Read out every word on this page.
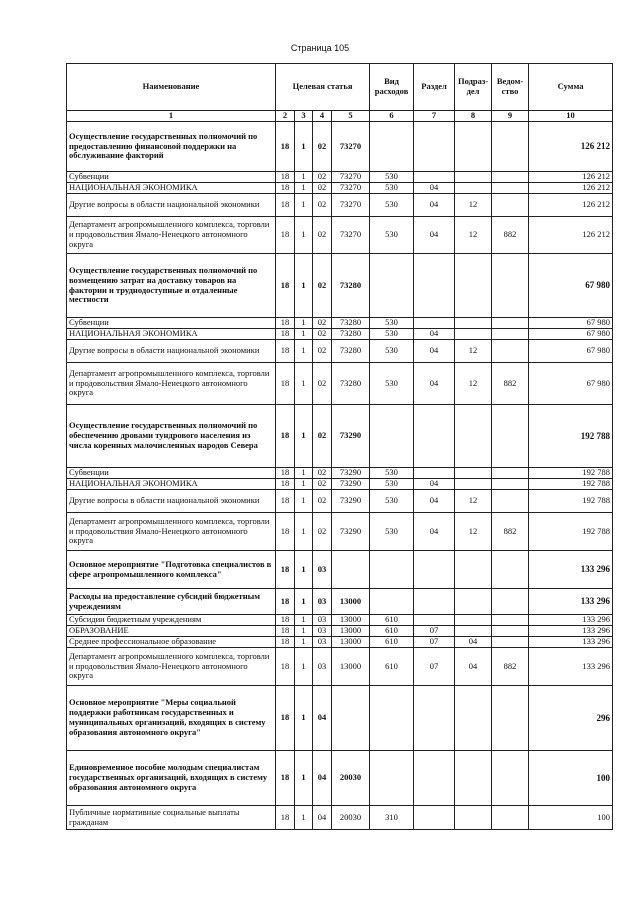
Страница 105
Наименование	Целевая статья				Вид расходов	Раздел	Подраз-дел	Ведом-ство	Сумма
1	2	3	4	5	6	7	8	9	10
Осуществление государственных полномочий по предоставлению финансовой поддержки на обслуживание факторий	18	1	02	73270					126 212
Субвенции	18	1	02	73270	530				126 212
НАЦИОНАЛЬНАЯ ЭКОНОМИКА	18	1	02	73270	530	04			126 212
Другие вопросы в области национальной экономики	18	1	02	73270	530	04	12		126 212
Департамент агропромышленного комплекса, торговли и продовольствия Ямало-Ненецкого автономного округа	18	1	02	73270	530	04	12	882	126 212
Осуществление государственных полномочий по возмещению затрат на доставку товаров на фактории и труднодоступные и отдаленные местности	18	1	02	73280					67 980
Субвенции	18	1	02	73280	530				67 980
НАЦИОНАЛЬНАЯ ЭКОНОМИКА	18	1	02	73280	530	04			67 980
Другие вопросы в области национальной экономики	18	1	02	73280	530	04	12		67 980
Департамент агропромышленного комплекса, торговли и продовольствия Ямало-Ненецкого автономного округа	18	1	02	73280	530	04	12	882	67 980
Осуществление государственных полномочий по обеспечению дровами тундрового населения из числа коренных малочисленных народов Севера	18	1	02	73290					192 788
Субвенции	18	1	02	73290	530				192 788
НАЦИОНАЛЬНАЯ ЭКОНОМИКА	18	1	02	73290	530	04			192 788
Другие вопросы в области национальной экономики	18	1	02	73290	530	04	12		192 788
Департамент агропромышленного комплекса, торговли и продовольствия Ямало-Ненецкого автономного округа	18	1	02	73290	530	04	12	882	192 788
Основное мероприятие "Подготовка специалистов в сфере агропромышленного комплекса"	18	1	03						133 296
Расходы на предоставление субсидий бюджетным учреждениям	18	1	03	13000					133 296
Субсидии бюджетным учреждениям	18	1	03	13000	610				133 296
ОБРАЗОВАНИЕ	18	1	03	13000	610	07			133 296
Среднее профессиональное образование	18	1	03	13000	610	07	04		133 296
Департамент агропромышленного комплекса, торговли и продовольствия Ямало-Ненецкого автономного округа	18	1	03	13000	610	07	04	882	133 296
Основное мероприятие "Меры социальной поддержки работникам государственных и муниципальных организаций, входящих в систему образования автономного округа"	18	1	04						296
Единовременное пособие молодым специалистам государственных организаций, входящих в систему образования автономного округа	18	1	04	20030					100
Публичные нормативные социальные выплаты гражданам	18	1	04	20030	310				100
